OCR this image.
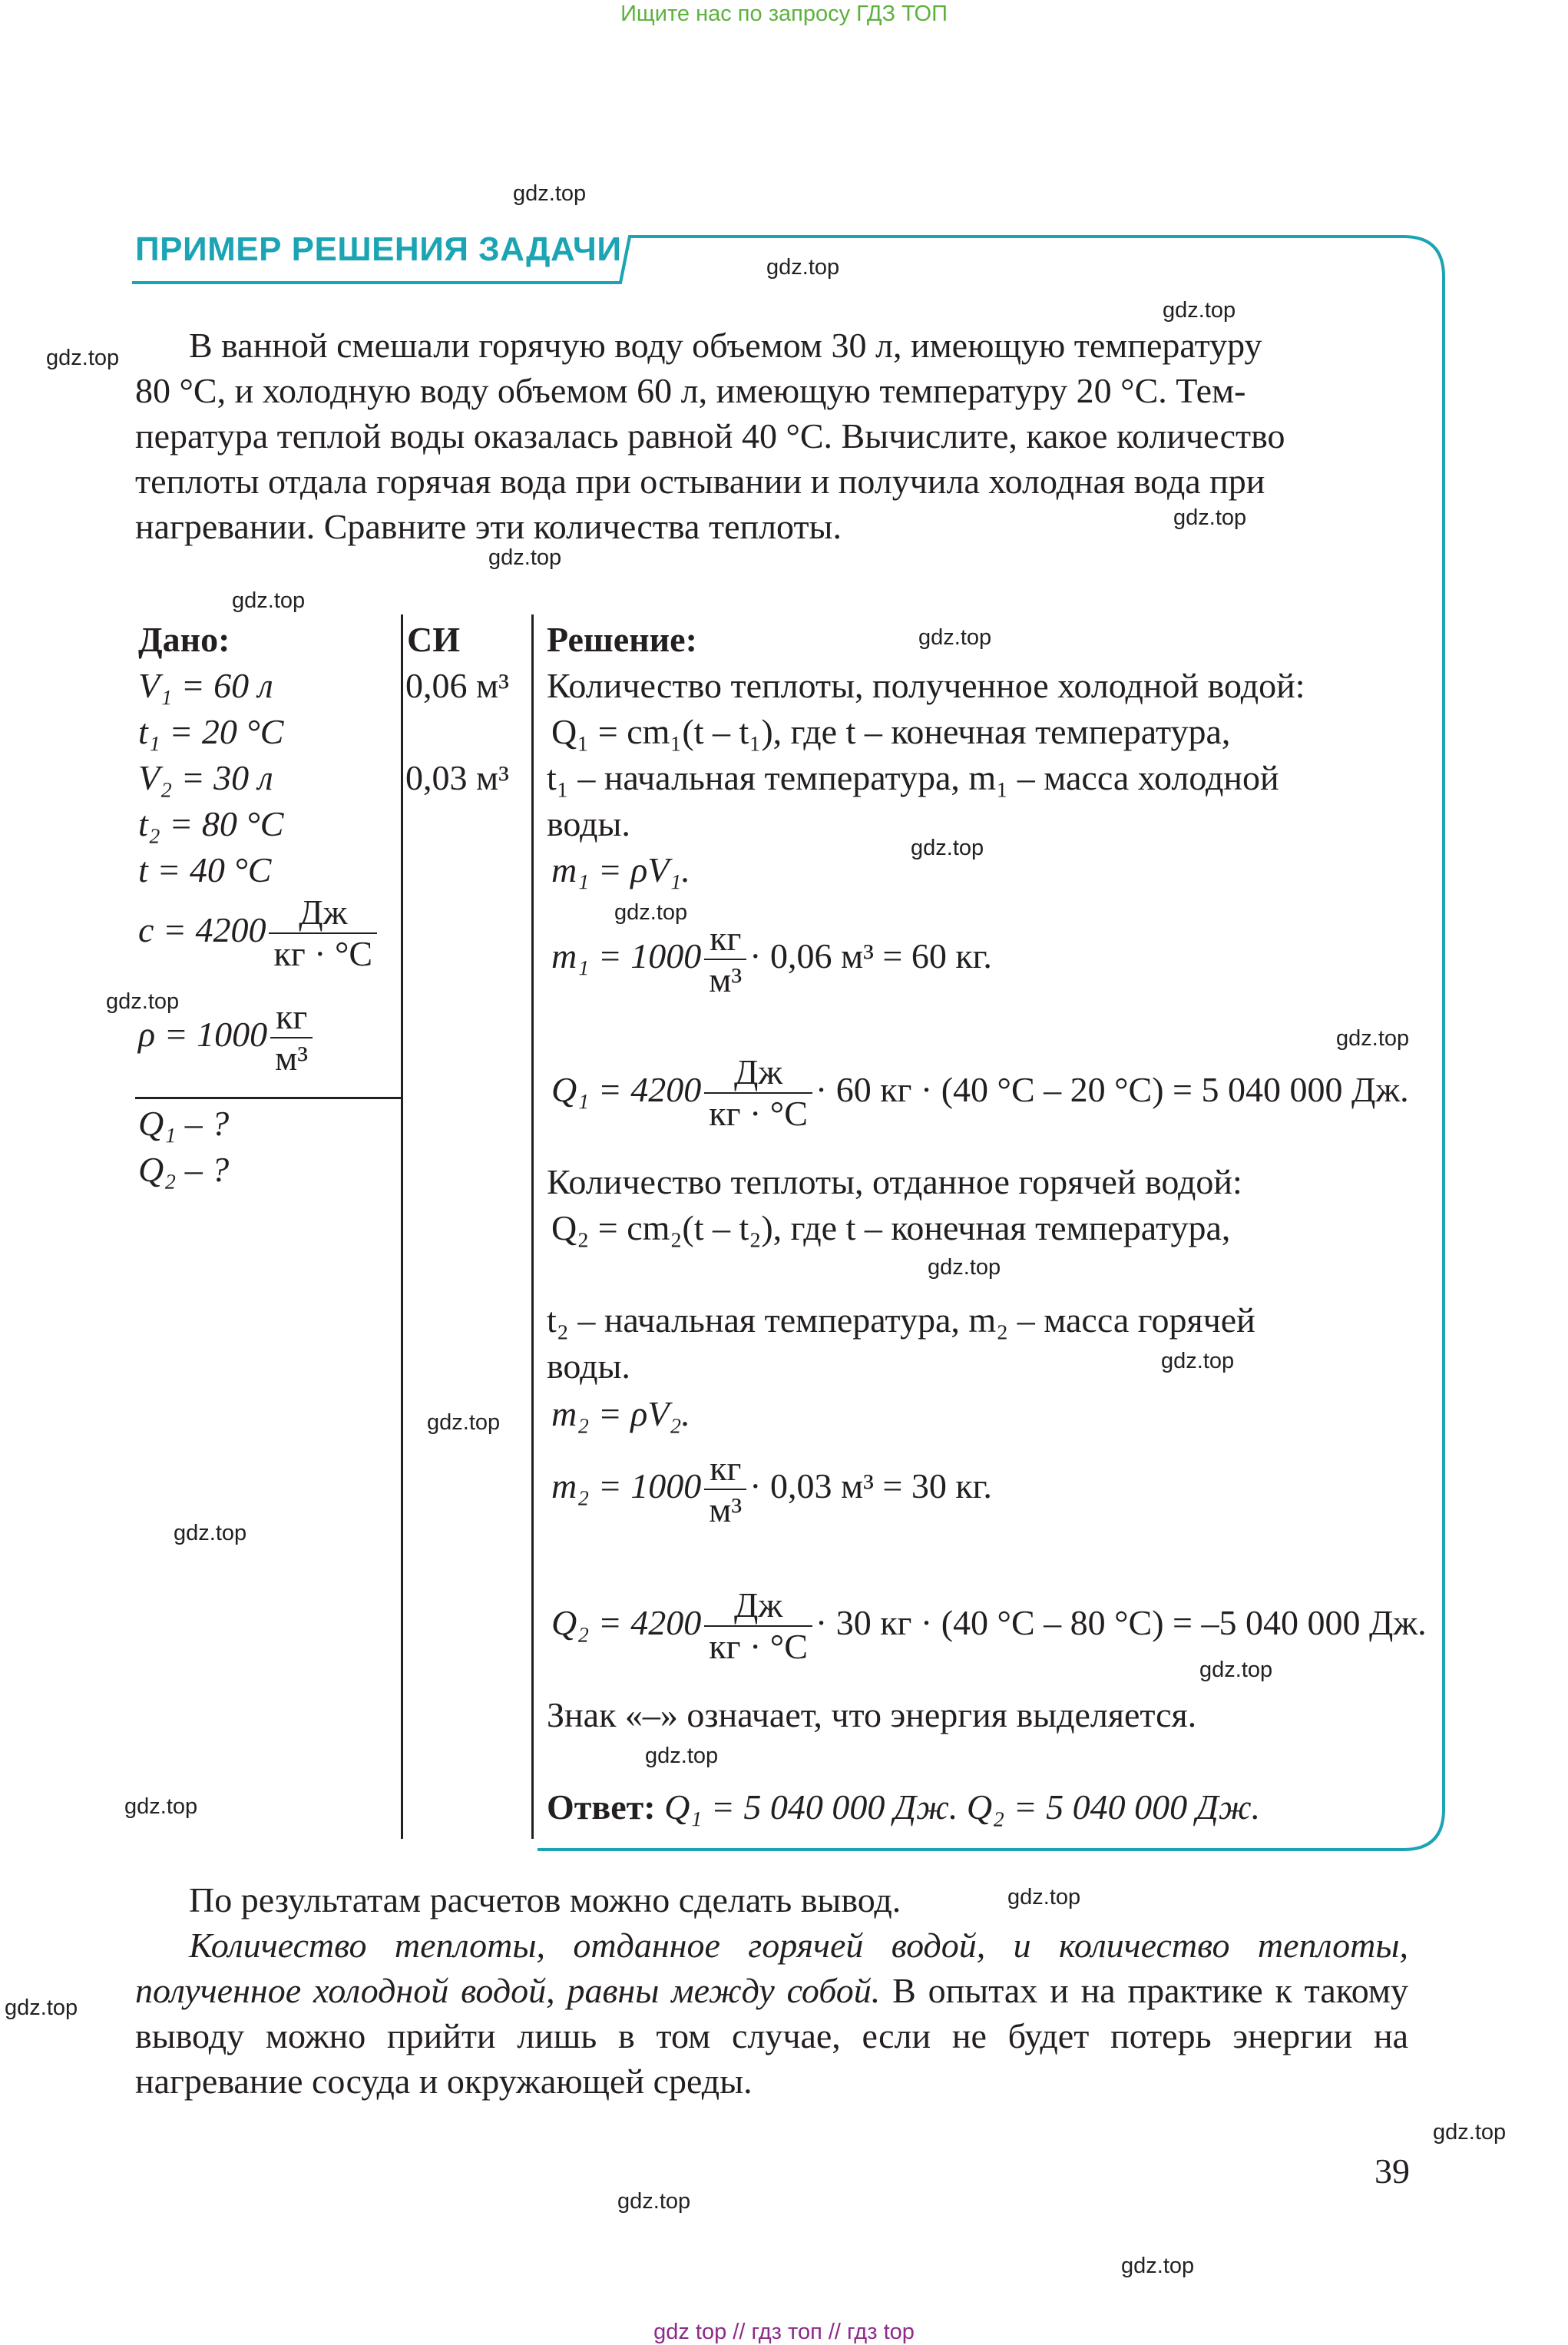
Ищите нас по запросу ГДЗ ТОП
ПРИМЕР РЕШЕНИЯ ЗАДАЧИ

В ванной смешали горячую воду объемом 30 л, имеющую температуру

80 °С, и холодную воду объемом 60 л, имеющую температуру 20 °С. Тем-

пература теплой воды оказалась равной 40 °С. Вычислите, какое количество

теплоты отдала горячая вода при остывании и получила холодная вода при

нагревании. Сравните эти количества теплоты.

Дано:	СИ Решение:
V₁ = 60 л
t₁ = 20 °C
V₂ = 30 л
t₂ = 80 °C
t = 40 °C
$c = 4200 \frac{Дж}{кг \cdot ^\circ C}$
$\rho = 1000 \frac{кг}{\text{м³}}$
Q₁ – ?
Q₂ – ?
0,06 м³
0,03 м³
Количество теплоты, полученное холодной водой:
Q₁ = cm₁(t – t₁), где t – конечная температура,
t₁ – начальная температура, m₁ – масса холодной
воды.
m₁ = ρV₁.
$m_1 = 1000 \frac{кг}{\text{м³}} \cdot 0,06$ м³ = 60 кг.
$Q_1 = 4200 \frac{Дж}{кг \cdot ^\circ C} \cdot 60$ кг · (40 °C – 20 °C) = 5 040 000 Дж.
Количество теплоты, отданное горячей водой:
Q₂ = cm₂(t – t₂), где t – конечная температура,
t₂ – начальная температура, m₂ – масса горячей
воды.
m₂ = ρV₂.
$m_2 = 1000 \frac{кг}{\text{м³}} \cdot 0,03$ м³ = 30 кг.
$Q_2 = 4200 \frac{Дж}{кг \cdot ^\circ C} \cdot 30$ кг · (40 °C – 80 °C) = –5 040 000 Дж.
Знак «–» означает, что энергия выделяется.
Ответ: Q₁ = 5 040 000 Дж. Q₂ = 5 040 000 Дж.

По результатам расчетов можно сделать вывод.

Количество теплоты, отданное горячей водой, и количество теплоты, полученное холодной водой, равны между собой. В опытах и на практике к такому выводу можно прийти лишь в том случае, если не будет потерь энергии на нагревание сосуда и окружающей среды.

39
gdz.top
gdz.top
gdz.top
gdz.top
gdz.top
gdz.top
gdz.top
gdz.top
gdz.top
gdz.top
gdz.top
gdz.top
gdz.top
gdz.top
gdz.top
gdz.top
gdz.top
gdz.top
gdz.top
gdz.top
gdz.top
gdz.top
gdz.top
gdz.top
gdz top // гдз топ // гдз top
